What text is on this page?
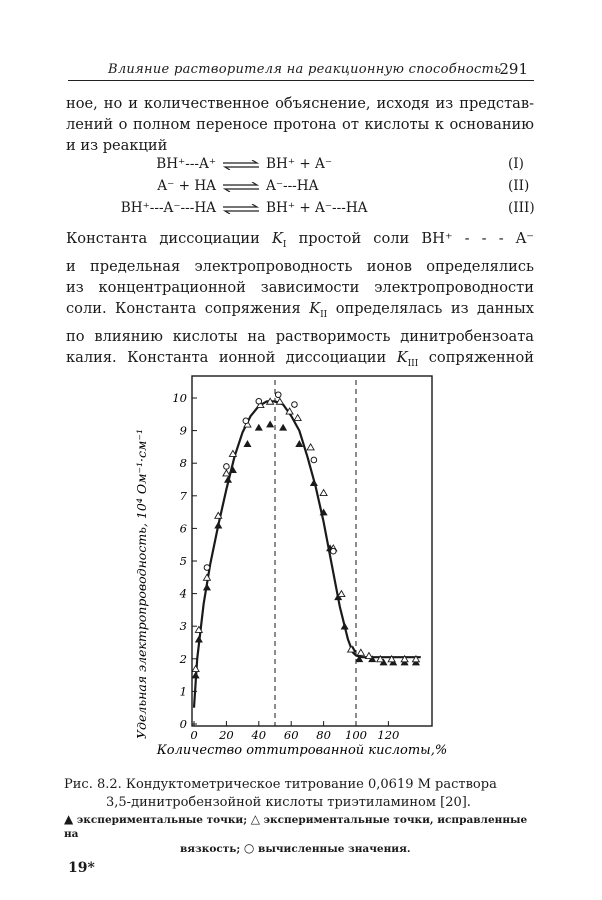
Влияние растворителя на реакционную способность
291
ное, но и количественное объяснение, исходя из представ-
лений о полном переносе протона от кислоты к основанию
и из реакций
BH⁺---A⁺ ⇌ BH⁺ + A⁻	(I)
A⁻ + HA ⇌ A⁻---HA	(II)
BH⁺---A⁻---HA ⇌ BH⁺ + A⁻---HA	(III)
Константа диссоциации $K_I$ простой соли BH⁺ - - - A⁻
и предельная электропроводность ионов определялись
из концентрационной зависимости электропроводности
соли. Константа сопряжения $K_{II}$ определялась из данных
по влиянию кислоты на растворимость динитробензоата
калия. Константа ионной диссоциации $K_{III}$ сопряженной
0 20 40 60 80 100 120
0
1
2
3
4
5
6
7
8
9
10
Количество оттитрованной кислоты,%
Удельная электропроводность, 10⁴ Ом⁻¹·см⁻¹
Рис. 8.2. Кондуктометрическое титрование 0,0619 М раствора
3,5-динитробензойной кислоты триэтиламином [20].
▲ экспериментальные точки; △ экспериментальные точки, исправленные на
вязкость; ○ вычисленные значения.
19*
